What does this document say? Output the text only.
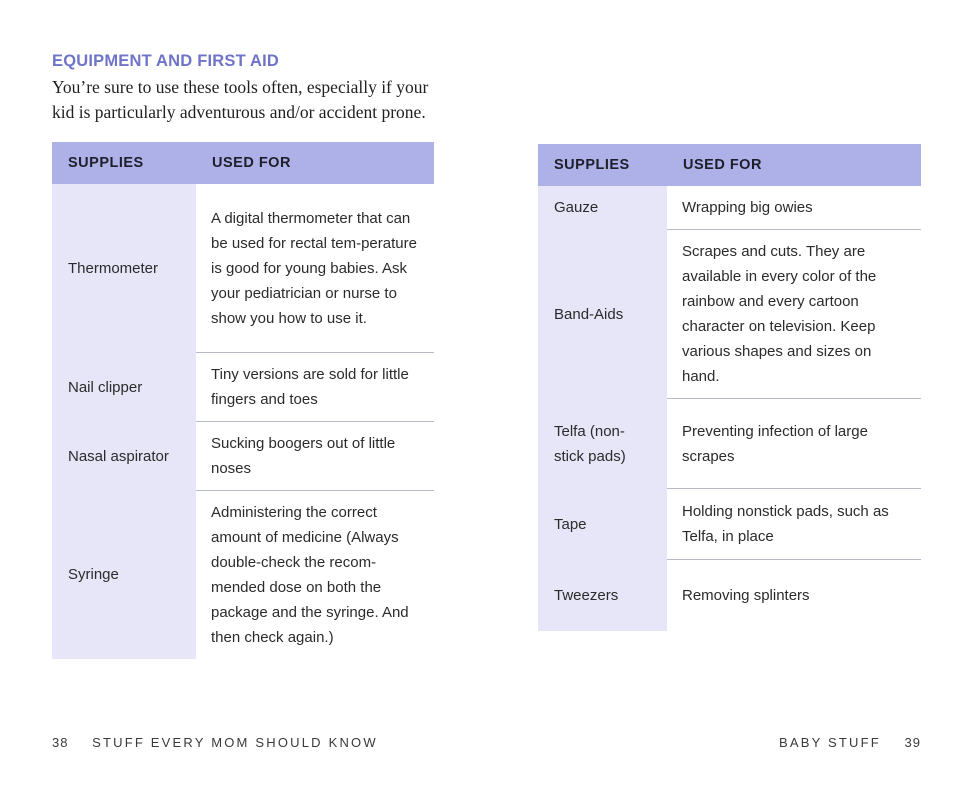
EQUIPMENT AND FIRST AID
You’re sure to use these tools often, especially if your kid is particularly adventurous and/or accident prone.
SUPPLIES	USED FOR
Thermometer	A digital thermometer that can be used for rectal tem-perature is good for young babies. Ask your pediatrician or nurse to show you how to use it.
Nail clipper	Tiny versions are sold for little fingers and toes
Nasal aspirator	Sucking boogers out of little noses
Syringe	Administering the correct amount of medicine (Always double-check the recom-mended dose on both the package and the syringe. And then check again.)
38 STUFF EVERY MOM SHOULD KNOW
SUPPLIES	USED FOR
Gauze	Wrapping big owies
Band-Aids	Scrapes and cuts. They are available in every color of the rainbow and every cartoon character on television. Keep various shapes and sizes on hand.
Telfa (non-stick pads)	Preventing infection of large scrapes
Tape	Holding nonstick pads, such as Telfa, in place
Tweezers	Removing splinters
BABY STUFF 39
